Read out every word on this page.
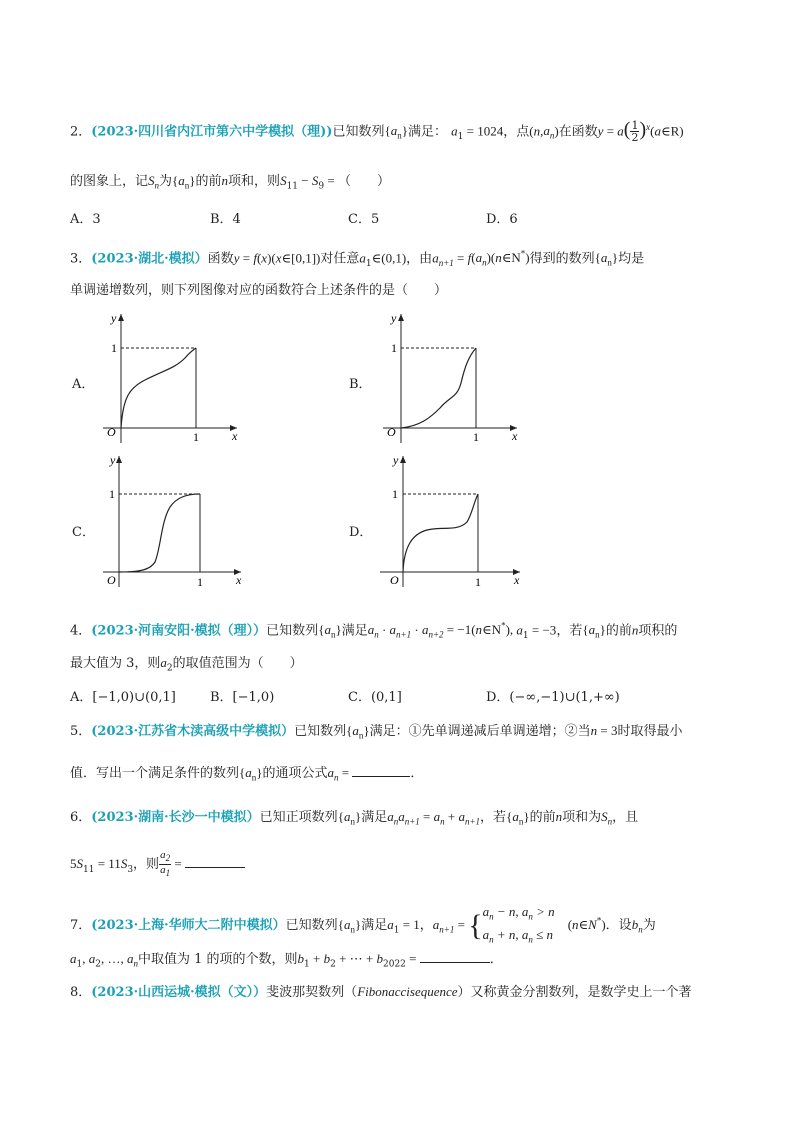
2．(2023·四川省内江市第六中学模拟（理))已知数列$\{a_n\}$满足： $a_1 = 1024$，点$(n,a_n)$在函数$y = a( \frac{1}{2}$ )$^x(a\in R)$
的图象上，记$S_n$为$\{a_n\}$的前n项和，则$S_{11} - S_9$ = （　　）
A．3	B．4	C．5	D．6
3．(2023·湖北·模拟）函数y = f(x)(x∈[0,1])对任意$a_1\in(0,1)$，由$a_{n+1}$ = $f(a_n)(n\in N^*)$得到的数列$\{a_n\}$均是
单调递增数列，则下列图像对应的函数符合上述条件的是（　　）
A．
y
x
O
1
1
B．
y
x
O
1
1
C．
y
x
O
1
1
D．
y
x
O
1
1
4．(2023·河南安阳·模拟（理））已知数列$\{a_n\}$满足$a_n \cdot a_{n+1} \cdot a_{n+2}$ = −1(n∈N*), $a_1 = -3$，若$\{a_n\}$的前n项积的
最大值为 3，则$a_2$的取值范围为（　　）
A．[−1,0)∪(0,1]	B．[−1,0)	C．(0,1]	D．(−∞,−1)∪(1,+∞)
5．(2023·江苏省木渎高级中学模拟）已知数列$\{a_n\}$满足：①先单调递减后单调递增；②当n = 3时取得最小
值．写出一个满足条件的数列$\{a_n\}$的通项公式$a_n$ =	．
6．(2023·湖南·长沙一中模拟）已知正项数列$\{a_n\}$满足$a_na_{n+1} = a_n + a_{n+1}$，若$\{a_n\}$的前n项和为$S_n$，且
$5S_{11} = 11S_3$，则 $\frac{a_2}{a_1}$ =
7．(2023·上海·华师大二附中模拟）已知数列$\{a_n\}$满足$a_1 = 1$，$a_{n+1}$ = { $a_n - n$, $a_n > n$
$a_n + n$, $a_n \le n$
　(n∈N*)．设$b_n$为
$a_1$, $a_2$, …, $a_n$中取值为 1 的项的个数，则$b_1 + b_2$ + ⋯ + $b_{2022}$ =	．
8．(2023·山西运城·模拟（文））斐波那契数列（Fibonaccisequence）又称黄金分割数列，是数学史上一个著
